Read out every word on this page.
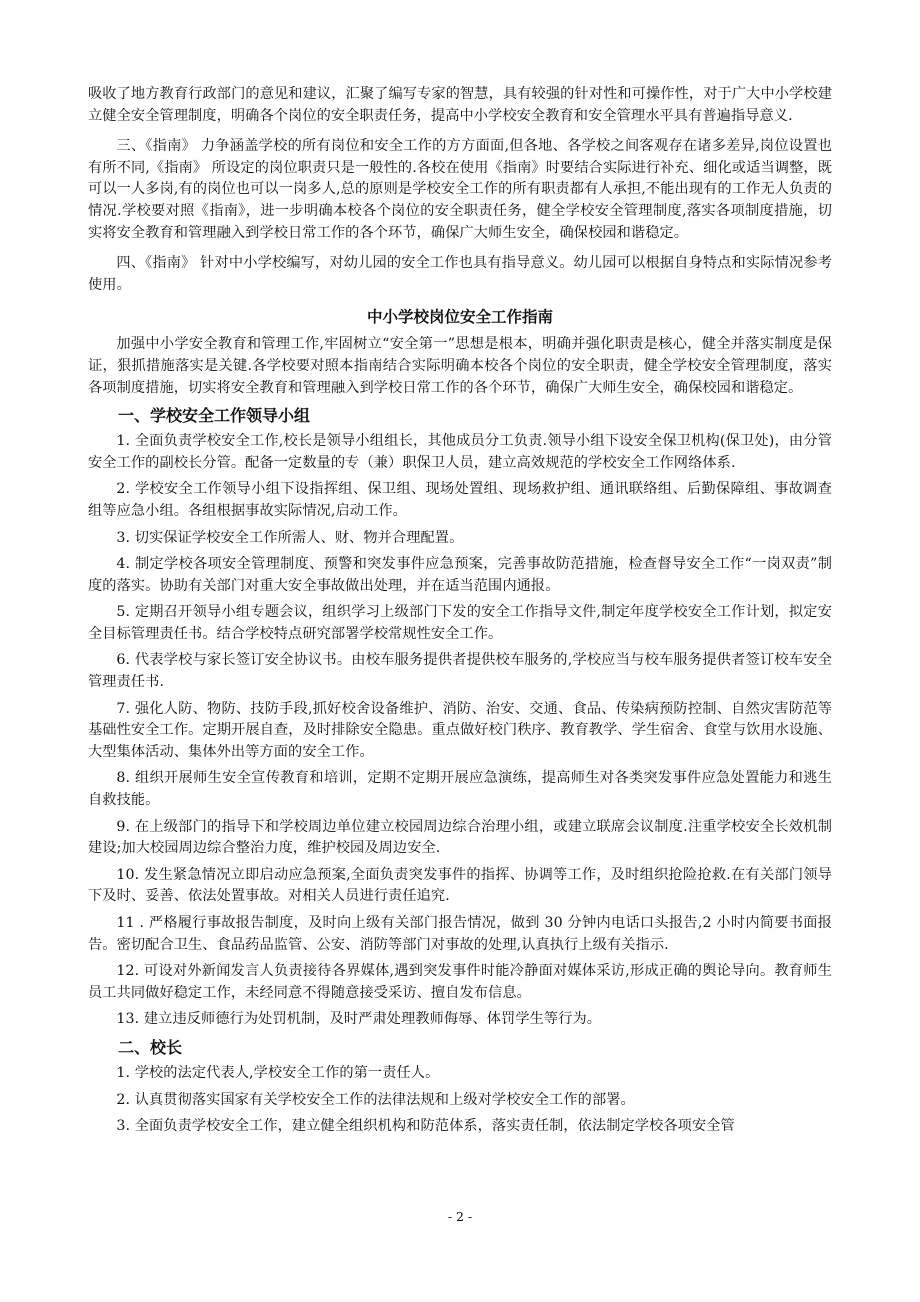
吸收了地方教育行政部门的意见和建议，汇聚了编写专家的智慧，具有较强的针对性和可操作性，对于广大中小学校建立健全安全管理制度，明确各个岗位的安全职责任务，提高中小学校安全教育和安全管理水平具有普遍指导意义.

三、《指南》 力争涵盖学校的所有岗位和安全工作的方方面面,但各地、各学校之间客观存在诸多差异,岗位设置也有所不同,《指南》 所设定的岗位职责只是一般性的.各校在使用《指南》时要结合实际进行补充、细化或适当调整，既可以一人多岗,有的岗位也可以一岗多人,总的原则是学校安全工作的所有职责都有人承担,不能出现有的工作无人负责的情况.学校要对照《指南》，进一步明确本校各个岗位的安全职责任务，健全学校安全管理制度,落实各项制度措施，切实将安全教育和管理融入到学校日常工作的各个环节，确保广大师生安全，确保校园和谐稳定。

四、《指南》 针对中小学校编写，对幼儿园的安全工作也具有指导意义。幼儿园可以根据自身特点和实际情况参考使用。

中小学校岗位安全工作指南

加强中小学安全教育和管理工作,牢固树立“安全第一”思想是根本，明确并强化职责是核心，健全并落实制度是保证，狠抓措施落实是关键.各学校要对照本指南结合实际明确本校各个岗位的安全职责，健全学校安全管理制度，落实各项制度措施，切实将安全教育和管理融入到学校日常工作的各个环节，确保广大师生安全，确保校园和谐稳定。

一、学校安全工作领导小组

1. 全面负责学校安全工作,校长是领导小组组长，其他成员分工负责.领导小组下设安全保卫机构(保卫处)，由分管安全工作的副校长分管。配备一定数量的专（兼）职保卫人员，建立高效规范的学校安全工作网络体系.

2. 学校安全工作领导小组下设指挥组、保卫组、现场处置组、现场救护组、通讯联络组、后勤保障组、事故调查组等应急小组。各组根据事故实际情况,启动工作。

3. 切实保证学校安全工作所需人、财、物并合理配置。

4. 制定学校各项安全管理制度、预警和突发事件应急预案，完善事故防范措施，检查督导安全工作“一岗双责”制度的落实。协助有关部门对重大安全事故做出处理，并在适当范围内通报。

5. 定期召开领导小组专题会议，组织学习上级部门下发的安全工作指导文件,制定年度学校安全工作计划，拟定安全目标管理责任书。结合学校特点研究部署学校常规性安全工作。

6. 代表学校与家长签订安全协议书。由校车服务提供者提供校车服务的,学校应当与校车服务提供者签订校车安全管理责任书.

7. 强化人防、物防、技防手段,抓好校舍设备维护、消防、治安、交通、食品、传染病预防控制、自然灾害防范等基础性安全工作。定期开展自查，及时排除安全隐患。重点做好校门秩序、教育教学、学生宿舍、食堂与饮用水设施、大型集体活动、集体外出等方面的安全工作。

8. 组织开展师生安全宣传教育和培训，定期不定期开展应急演练，提高师生对各类突发事件应急处置能力和逃生自救技能。

9. 在上级部门的指导下和学校周边单位建立校园周边综合治理小组，或建立联席会议制度.注重学校安全长效机制建设;加大校园周边综合整治力度，维护校园及周边安全.

10. 发生紧急情况立即启动应急预案,全面负责突发事件的指挥、协调等工作，及时组织抢险抢救.在有关部门领导下及时、妥善、依法处置事故。对相关人员进行责任追究.

11 . 严格履行事故报告制度，及时向上级有关部门报告情况，做到 30 分钟内电话口头报告,2 小时内简要书面报告。密切配合卫生、食品药品监管、公安、消防等部门对事故的处理,认真执行上级有关指示.

12. 可设对外新闻发言人负责接待各界媒体,遇到突发事件时能冷静面对媒体采访,形成正确的舆论导向。教育师生员工共同做好稳定工作，未经同意不得随意接受采访、擅自发布信息。

13. 建立违反师德行为处罚机制，及时严肃处理教师侮辱、体罚学生等行为。

二、校长

1. 学校的法定代表人,学校安全工作的第一责任人。

2. 认真贯彻落实国家有关学校安全工作的法律法规和上级对学校安全工作的部署。

3. 全面负责学校安全工作，建立健全组织机构和防范体系，落实责任制，依法制定学校各项安全管

- 2 -
